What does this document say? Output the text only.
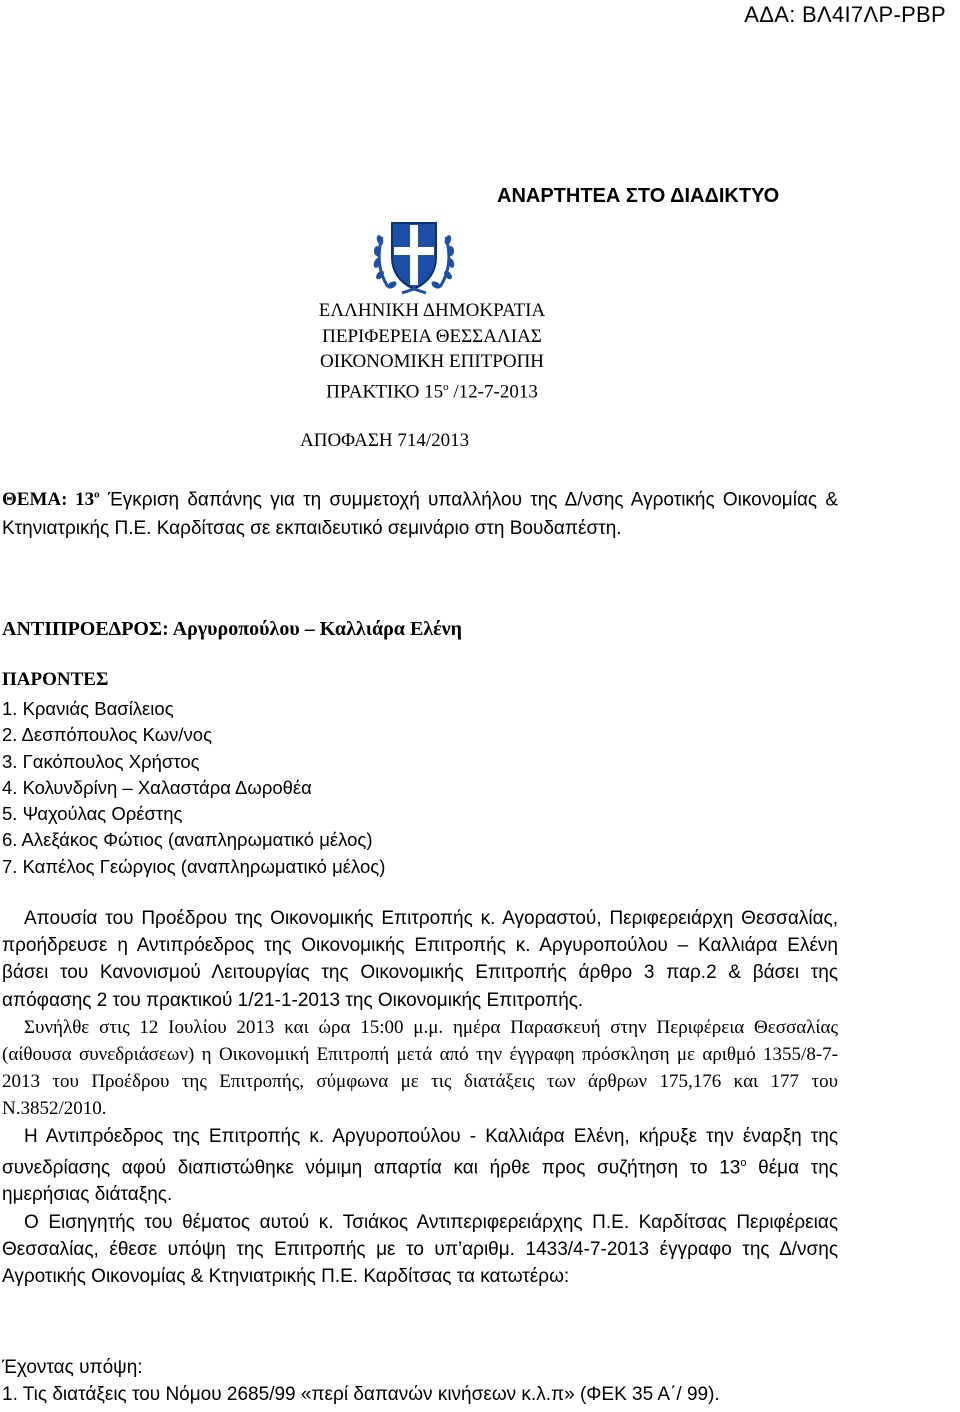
ΑΔΑ: ΒΛ4Ι7ΛΡ-ΡΒΡ
ΑΝΑΡΤΗΤΕΑ ΣΤΟ ΔΙΑΔΙΚΤΥΟ
ΕΛΛΗΝΙΚΗ ΔΗΜΟΚΡΑΤΙΑ
ΠΕΡΙΦΕΡΕΙΑ ΘΕΣΣΑΛΙΑΣ
ΟΙΚΟΝΟΜΙΚΗ ΕΠΙΤΡΟΠΗ
ΠΡΑΚΤΙΚΟ $15^o$ /12-7-2013
ΑΠΟΦΑΣΗ 714/2013
ΘΕΜΑ: $13^o$ Έγκριση δαπάνης για τη συμμετοχή υπαλλήλου της Δ/νσης Αγροτικής Οικονομίας & Κτηνιατρικής Π.Ε. Καρδίτσας σε εκπαιδευτικό σεμινάριο στη Βουδαπέστη.
ΑΝΤΙΠΡΟΕΔΡΟΣ: Αργυροπούλου – Καλλιάρα Ελένη
ΠΑΡΟΝΤΕΣ
1. Κρανιάς Βασίλειος
2. Δεσπόπουλος Κων/νος
3. Γακόπουλος Χρήστος
4. Κολυνδρίνη – Χαλαστάρα Δωροθέα
5. Ψαχούλας Ορέστης
6. Αλεξάκος Φώτιος (αναπληρωματικό μέλος)
7. Καπέλος Γεώργιος (αναπληρωματικό μέλος)

Απουσία του Προέδρου της Οικονομικής Επιτροπής κ. Αγοραστού, Περιφερειάρχη Θεσσαλίας, προήδρευσε η Αντιπρόεδρος της Οικονομικής Επιτροπής κ. Αργυροπούλου – Καλλιάρα Ελένη βάσει του Κανονισμού Λειτουργίας της Οικονομικής Επιτροπής άρθρο 3 παρ.2 & βάσει της απόφασης 2 του πρακτικού 1/21-1-2013 της Οικονομικής Επιτροπής.

Συνήλθε στις 12 Ιουλίου 2013 και ώρα 15:00 μ.μ. ημέρα Παρασκευή στην Περιφέρεια Θεσσαλίας (αίθουσα συνεδριάσεων) η Οικονομική Επιτροπή μετά από την έγγραφη πρόσκληση με αριθμό 1355/8-7-2013 του Προέδρου της Επιτροπής, σύμφωνα με τις διατάξεις των άρθρων 175,176 και 177 του Ν.3852/2010.

Η Αντιπρόεδρος της Επιτροπής κ. Αργυροπούλου - Καλλιάρα Ελένη, κήρυξε την έναρξη της συνεδρίασης αφού διαπιστώθηκε νόμιμη απαρτία και ήρθε προς συζήτηση το $13^o$ θέμα της ημερήσιας διάταξης.

Ο Εισηγητής του θέματος αυτού κ. Τσιάκος Αντιπεριφερειάρχης Π.Ε. Καρδίτσας Περιφέρειας Θεσσαλίας, έθεσε υπόψη της Επιτροπής με το υπ’αριθμ. 1433/4-7-2013 έγγραφο της Δ/νσης Αγροτικής Οικονομίας & Κτηνιατρικής Π.Ε. Καρδίτσας τα κατωτέρω:

Έχοντας υπόψη:
1. Τις διατάξεις του Νόμου 2685/99 «περί δαπανών κινήσεων κ.λ.π» (ΦΕΚ 35 Α΄/ 99).
